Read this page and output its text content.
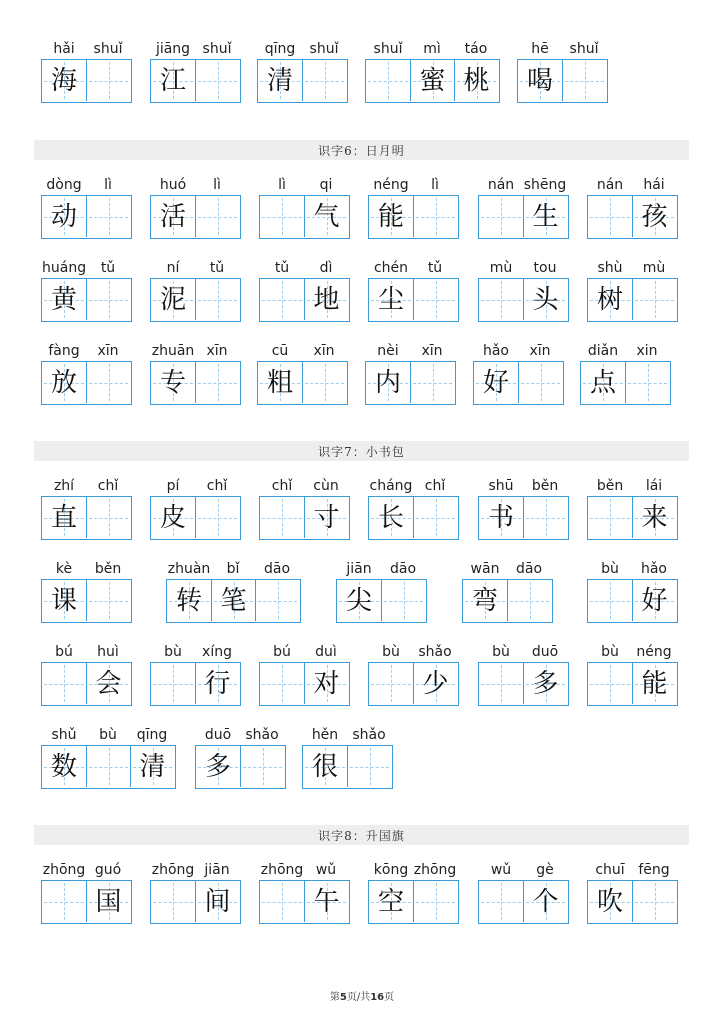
识字6：日月明
识字7：小书包
识字8：升国旗
hǎi	shuǐ
海
jiāng shuǐ
江
qīng	shuǐ
清
shuǐ	mì	táo
蜜 桃
hē	shuǐ
喝
dòng	lì
动
huó	lì
活
lì	qi
气
néng	lì
能
nán shēng
生
nán	hái
孩
huáng	tǔ
黄
ní	tǔ
泥
tǔ	dì
地
chén	tǔ
尘
mù	tou
头
shù	mù
树
fàng	xīn
放
zhuān xīn
专
cū	xīn
粗
nèi	xīn
内
hǎo	xīn
好
diǎn	xin
点
zhí	chǐ
直
pí	chǐ
皮
chǐ	cùn
寸
cháng chǐ
长
shū	běn
书
běn	lái
来
kè	běn
课
zhuàn	bǐ	dāo
转 笔
jiān	dāo
尖
wān	dāo
弯
bù	hǎo
好
bú	huì
会
bù	xíng
行
bú	duì
对
bù	shǎo
少
bù	duō
多
bù	néng
能
shǔ	bù	qīng
数	清
duō	shǎo
多
hěn	shǎo
很
zhōng guó
国
zhōng jiān
间
zhōng wǔ
午
kōng zhōng
空
wǔ	gè
个
chuī fēng
吹
第5页/共16页
